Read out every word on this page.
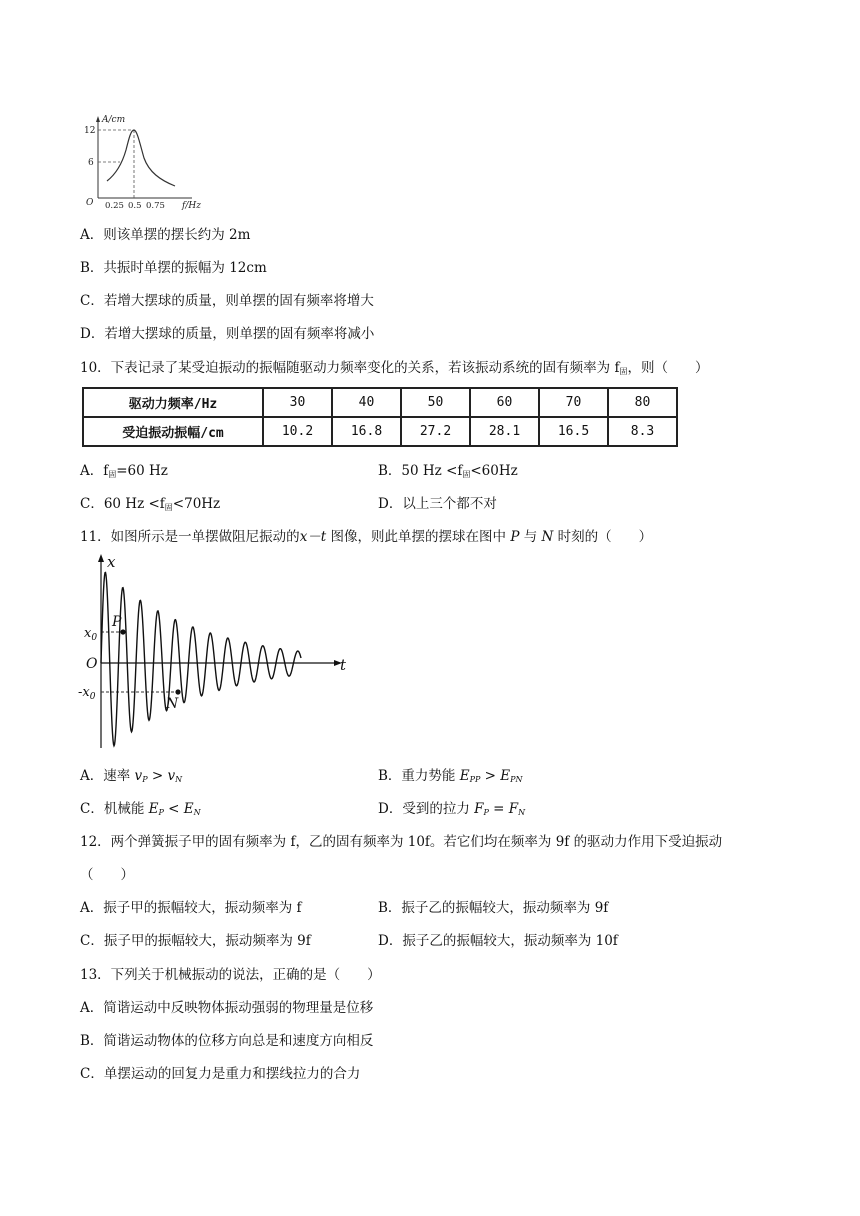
A/cm
12
6
O 0.25 0.5 0.75 f/Hz
A．则该单摆的摆长约为 2m
B．共振时单摆的振幅为 12cm
C．若增大摆球的质量，则单摆的固有频率将增大
D．若增大摆球的质量，则单摆的固有频率将减小
10．下表记录了某受迫振动的振幅随驱动力频率变化的关系，若该振动系统的固有频率为 $f_固$，则（　　）
驱动力频率/Hz	30	40	50	60	70	80
受迫振动振幅/cm	10.2	16.8	27.2	28.1	16.5	8.3
A．$f_固=60$ Hz	B．50 $Hz <f_固<60Hz$
C．60 $Hz <f_固<70Hz$	D．以上三个都不对
11．如图所示是一单摆做阻尼振动的x－t 图像，则此单摆的摆球在图中 P 与 N 时刻的（　　）
x
t
O
$x_0$
$-x_0$
P
N
A．速率 $v_P > v_N$	B．重力势能 $E_{PP} > E_{PN}$
C．机械能 $E_P < E_N$	D．受到的拉力 $F_P = F_N$
12．两个弹簧振子甲的固有频率为 f，乙的固有频率为 10f。若它们均在频率为 9f 的驱动力作用下受迫振动
（　　）
A．振子甲的振幅较大，振动频率为 f	B．振子乙的振幅较大，振动频率为 9f
C．振子甲的振幅较大，振动频率为 9f	D．振子乙的振幅较大，振动频率为 10f
13．下列关于机械振动的说法，正确的是（　　）
A．简谐运动中反映物体振动强弱的物理量是位移
B．简谐运动物体的位移方向总是和速度方向相反
C．单摆运动的回复力是重力和摆线拉力的合力
